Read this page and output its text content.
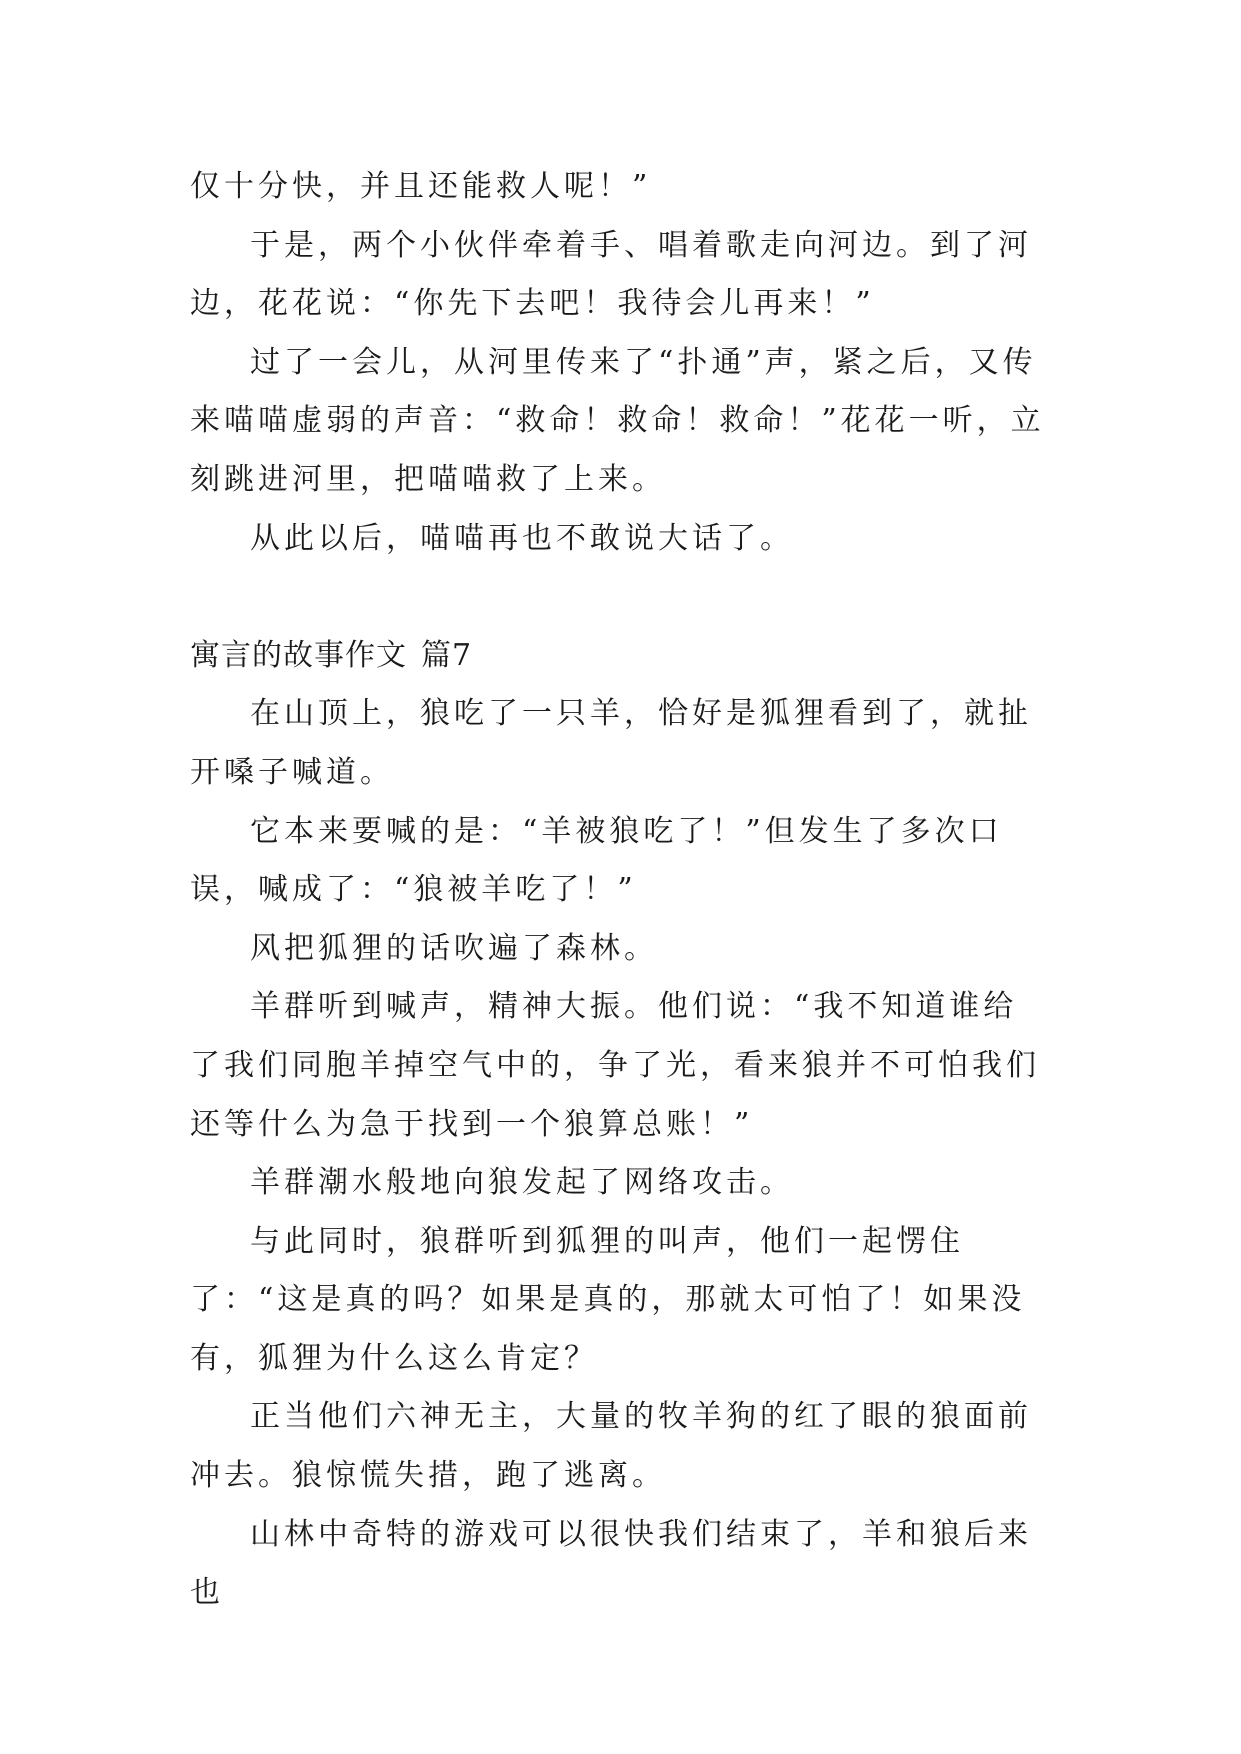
仅十分快，并且还能救人呢！”

于是，两个小伙伴牵着手、唱着歌走向河边。到了河边，花花说：“你先下去吧！我待会儿再来！”

过了一会儿，从河里传来了“扑通”声，紧之后，又传来喵喵虚弱的声音：“救命！救命！救命！”花花一听，立刻跳进河里，把喵喵救了上来。

从此以后，喵喵再也不敢说大话了。

寓言的故事作文 篇7

在山顶上，狼吃了一只羊，恰好是狐狸看到了，就扯开嗓子喊道。

它本来要喊的是：“羊被狼吃了！”但发生了多次口误，喊成了：“狼被羊吃了！”

风把狐狸的话吹遍了森林。

羊群听到喊声，精神大振。他们说：“我不知道谁给了我们同胞羊掉空气中的，争了光，看来狼并不可怕我们还等什么为急于找到一个狼算总账！”

羊群潮水般地向狼发起了网络攻击。

与此同时，狼群听到狐狸的叫声，他们一起愣住了：“这是真的吗？如果是真的，那就太可怕了！如果没有，狐狸为什么这么肯定？

正当他们六神无主，大量的牧羊狗的红了眼的狼面前冲去。狼惊慌失措，跑了逃离。

山林中奇特的游戏可以很快我们结束了，羊和狼后来也
